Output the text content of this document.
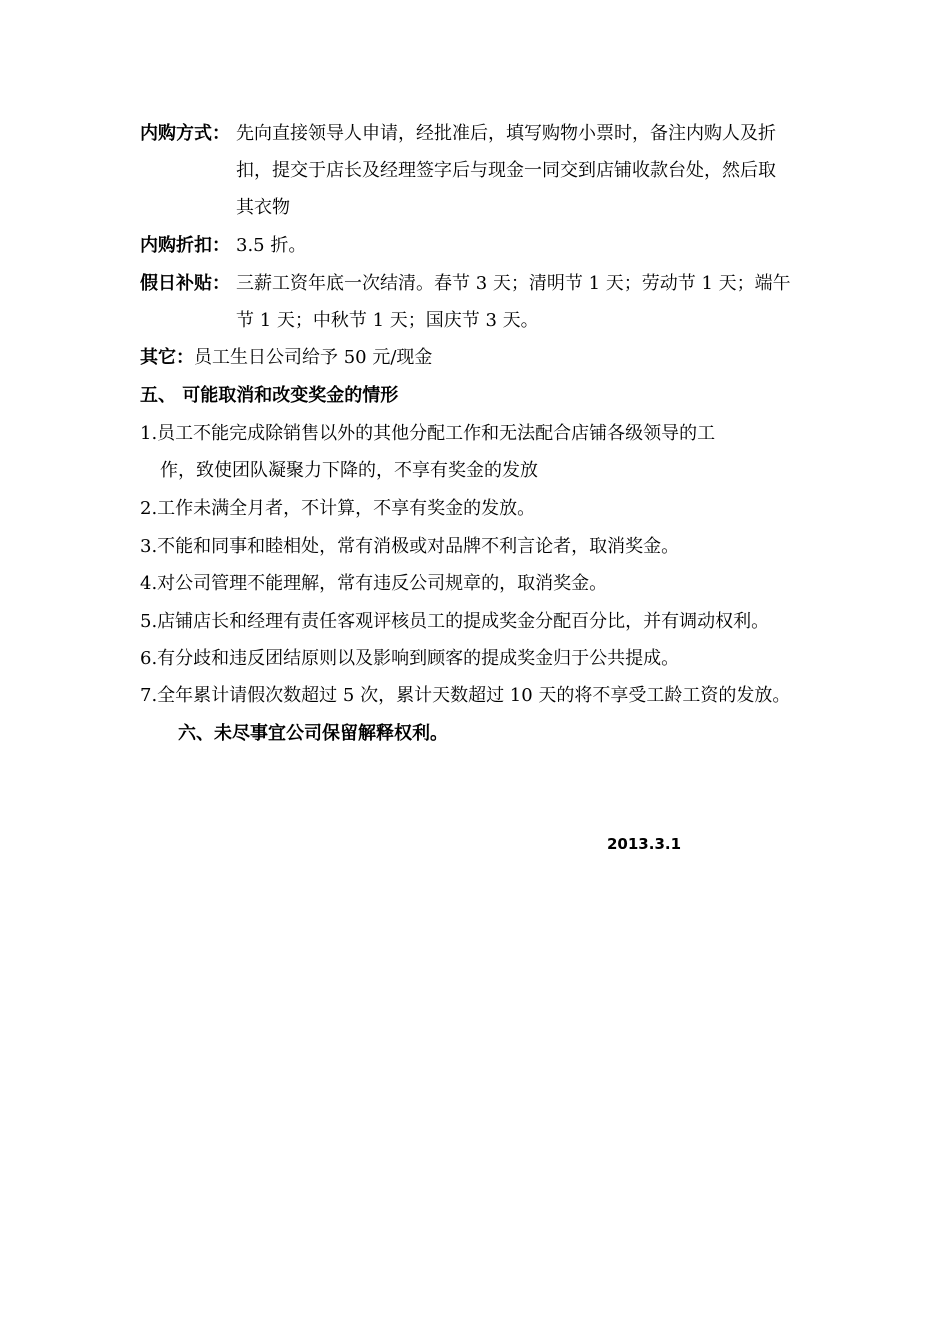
内购方式： 先向直接领导人申请，经批准后，填写购物小票时，备注内购人及折
扣，提交于店长及经理签字后与现金一同交到店铺收款台处，然后取
其衣物
内购折扣： 3.5 折。
假日补贴： 三薪工资年底一次结清。春节 3 天；清明节 1 天；劳动节 1 天；端午
节 1 天；中秋节 1 天；国庆节 3 天。
其它：员工生日公司给予 50 元/现金
五、 可能取消和改变奖金的情形
1.员工不能完成除销售以外的其他分配工作和无法配合店铺各级领导的工
作，致使团队凝聚力下降的，不享有奖金的发放
2.工作未满全月者，不计算，不享有奖金的发放。
3.不能和同事和睦相处，常有消极或对品牌不利言论者，取消奖金。
4.对公司管理不能理解，常有违反公司规章的，取消奖金。
5.店铺店长和经理有责任客观评核员工的提成奖金分配百分比，并有调动权利。
6.有分歧和违反团结原则以及影响到顾客的提成奖金归于公共提成。
7.全年累计请假次数超过 5 次，累计天数超过 10 天的将不享受工龄工资的发放。
六、未尽事宜公司保留解释权利。
2013.3.1
